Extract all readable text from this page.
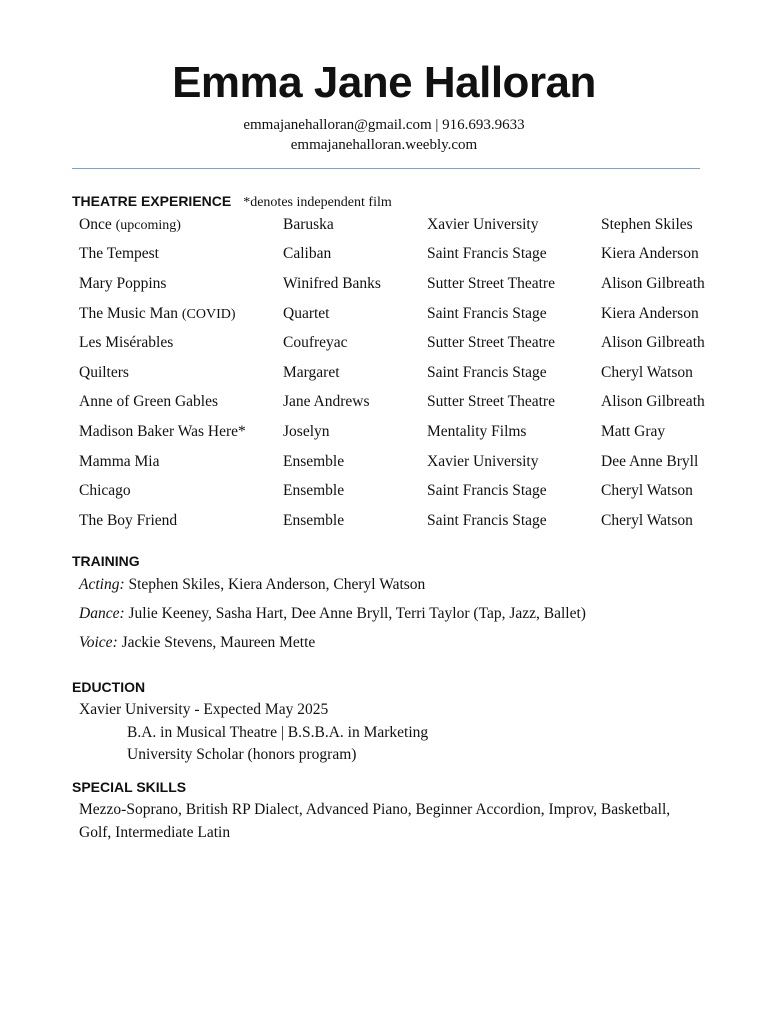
Emma Jane Halloran
emmajanehalloran@gmail.com | 916.693.9633
emmajanehalloran.weebly.com
THEATRE EXPERIENCE *denotes independent film
Once (upcoming)	Baruska	Xavier University	Stephen Skiles
The Tempest	Caliban	Saint Francis Stage	Kiera Anderson
Mary Poppins	Winifred Banks	Sutter Street Theatre	Alison Gilbreath
The Music Man (COVID)	Quartet	Saint Francis Stage	Kiera Anderson
Les Misérables	Coufreyac	Sutter Street Theatre	Alison Gilbreath
Quilters	Margaret	Saint Francis Stage	Cheryl Watson
Anne of Green Gables	Jane Andrews	Sutter Street Theatre	Alison Gilbreath
Madison Baker Was Here*	Joselyn	Mentality Films	Matt Gray
Mamma Mia	Ensemble	Xavier University	Dee Anne Bryll
Chicago	Ensemble	Saint Francis Stage	Cheryl Watson
The Boy Friend	Ensemble	Saint Francis Stage	Cheryl Watson
TRAINING
Acting: Stephen Skiles, Kiera Anderson, Cheryl Watson
Dance: Julie Keeney, Sasha Hart, Dee Anne Bryll, Terri Taylor (Tap, Jazz, Ballet)
Voice: Jackie Stevens, Maureen Mette
EDUCTION
Xavier University - Expected May 2025
B.A. in Musical Theatre | B.S.B.A. in Marketing
University Scholar (honors program)
SPECIAL SKILLS
Mezzo-Soprano, British RP Dialect, Advanced Piano, Beginner Accordion, Improv, Basketball,
Golf, Intermediate Latin
